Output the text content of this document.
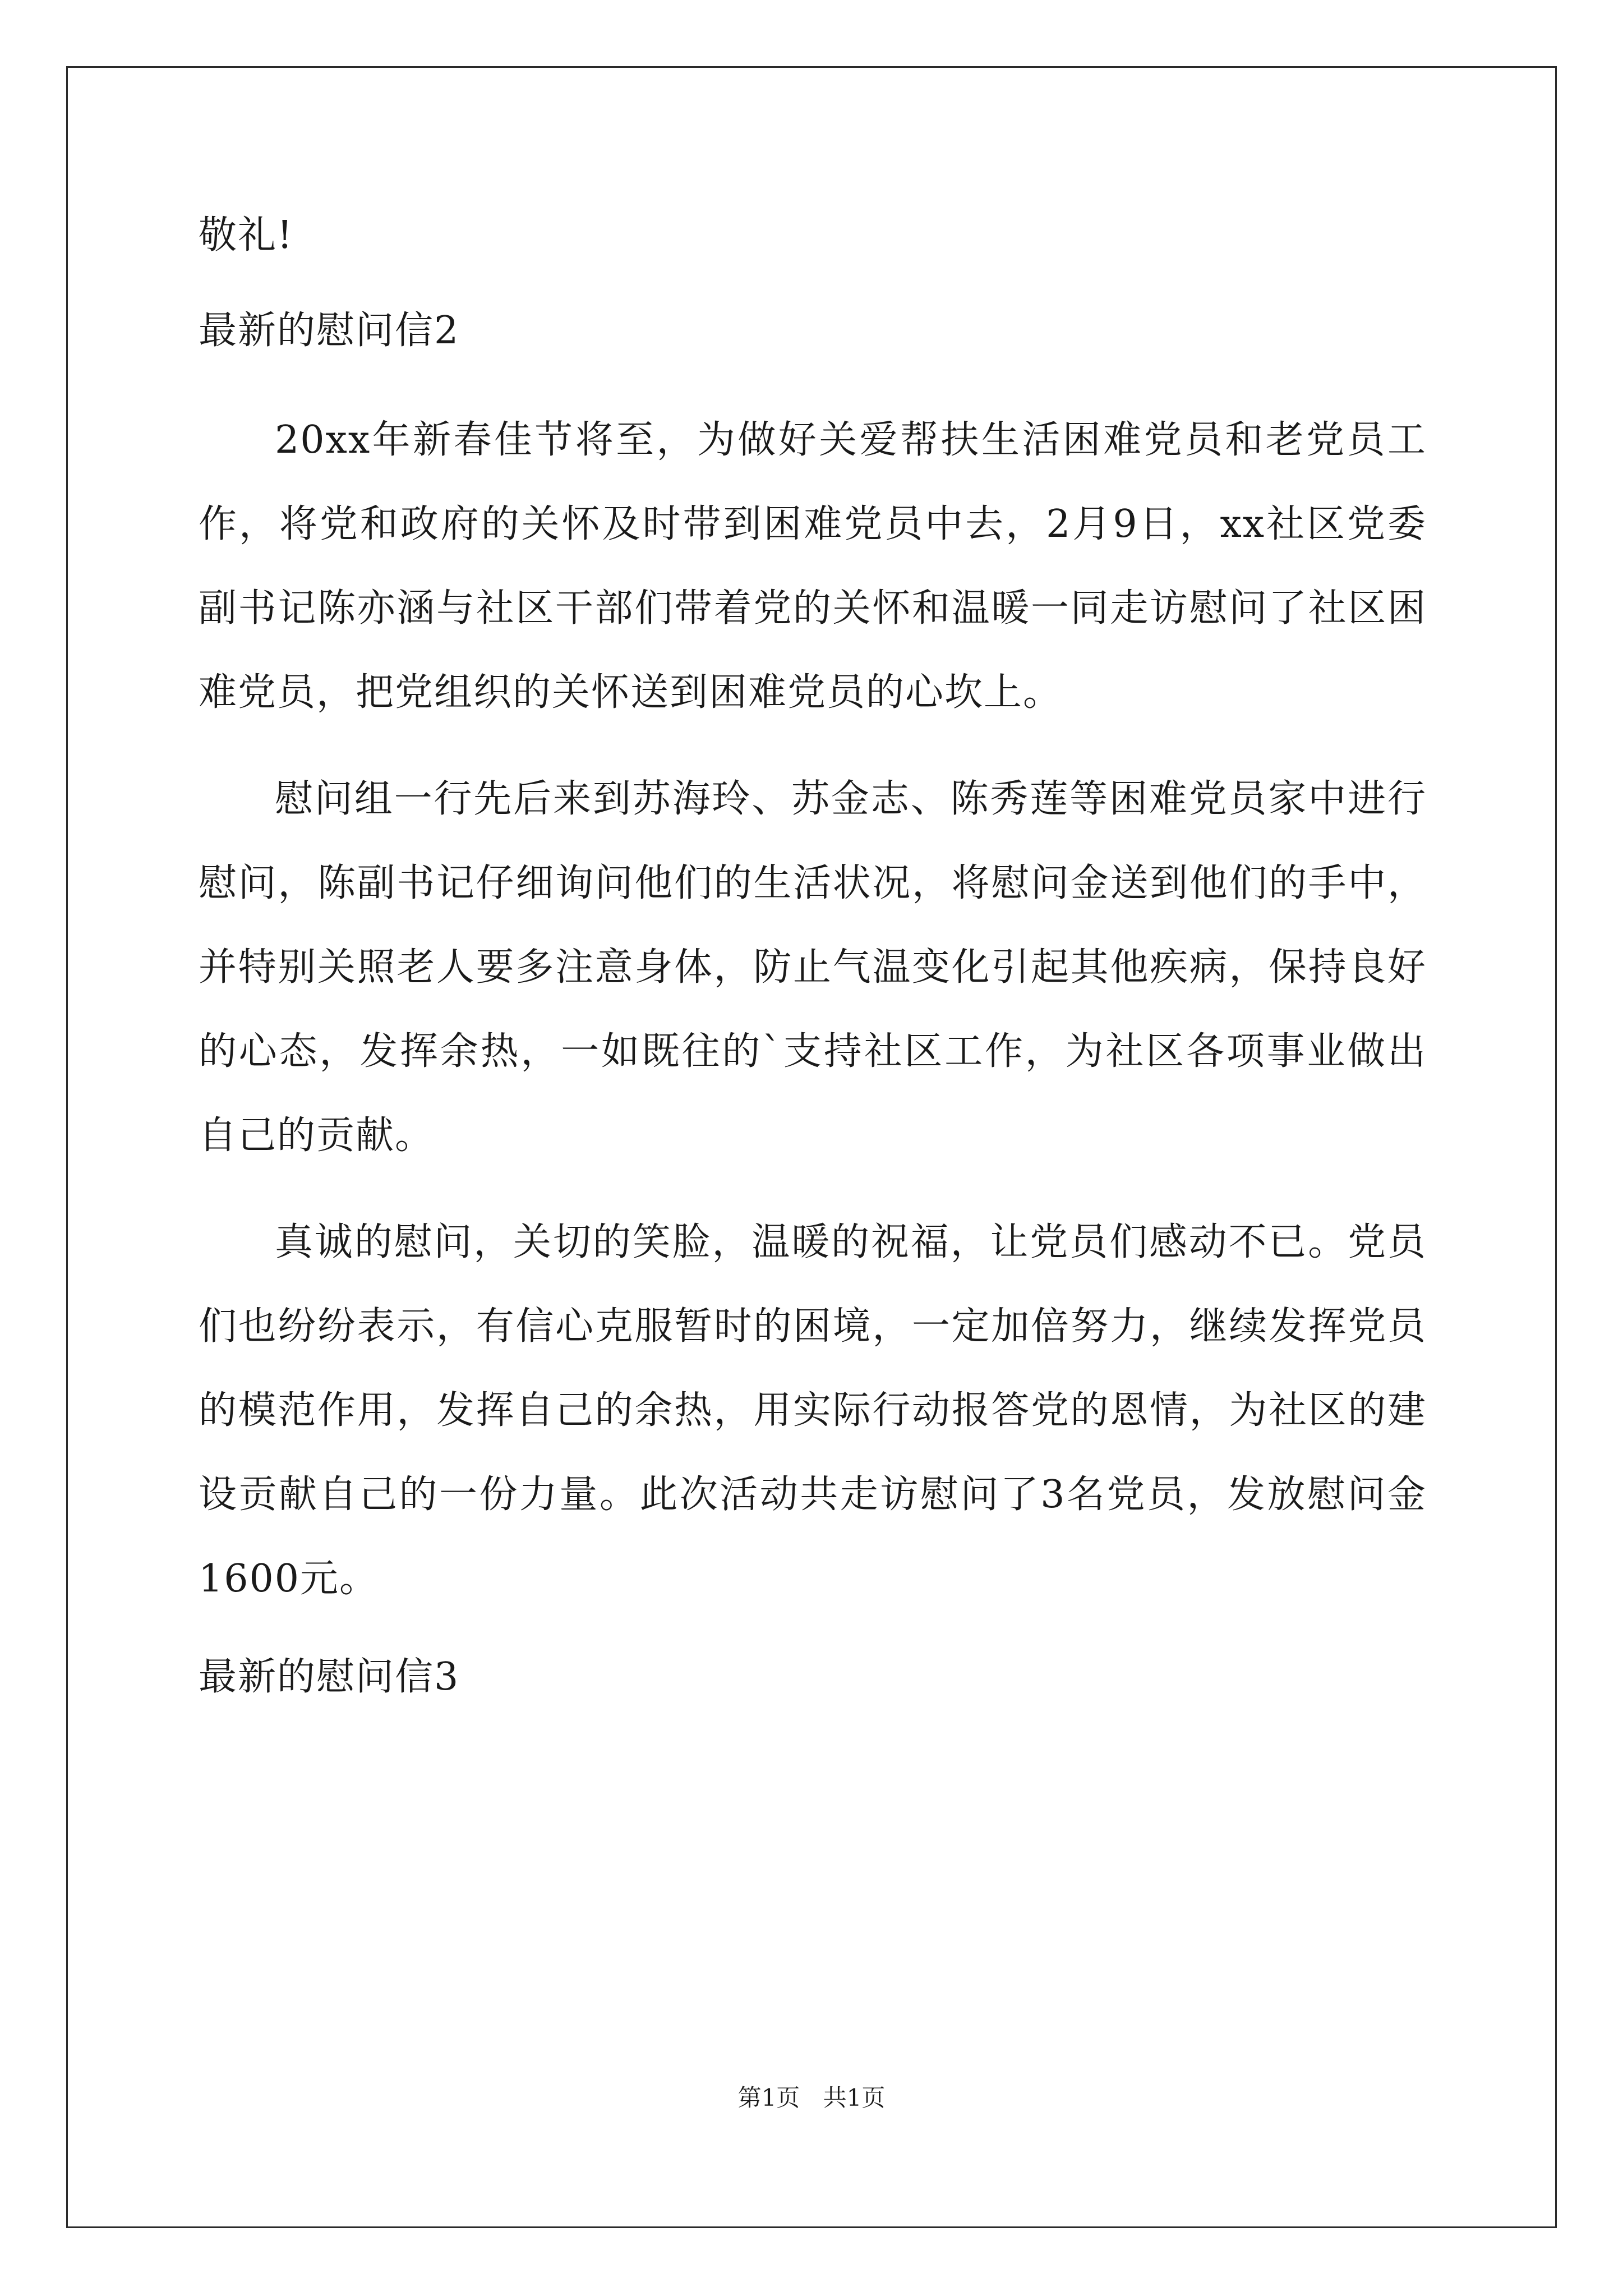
敬礼!
最新的慰问信2

20xx年新春佳节将至，为做好关爱帮扶生活困难党员和老党员工作，将党和政府的关怀及时带到困难党员中去，2月9日，xx社区党委副书记陈亦涵与社区干部们带着党的关怀和温暖一同走访慰问了社区困难党员，把党组织的关怀送到困难党员的心坎上。

慰问组一行先后来到苏海玲、苏金志、陈秀莲等困难党员家中进行慰问，陈副书记仔细询问他们的生活状况，将慰问金送到他们的手中，并特别关照老人要多注意身体，防止气温变化引起其他疾病，保持良好的心态，发挥余热，一如既往的`支持社区工作，为社区各项事业做出自己的贡献。

真诚的慰问，关切的笑脸，温暖的祝福，让党员们感动不已。党员们也纷纷表示，有信心克服暂时的困境，一定加倍努力，继续发挥党员的模范作用，发挥自己的余热，用实际行动报答党的恩情，为社区的建设贡献自己的一份力量。此次活动共走访慰问了3名党员，发放慰问金1600元。

最新的慰问信3
第1页 共1页
